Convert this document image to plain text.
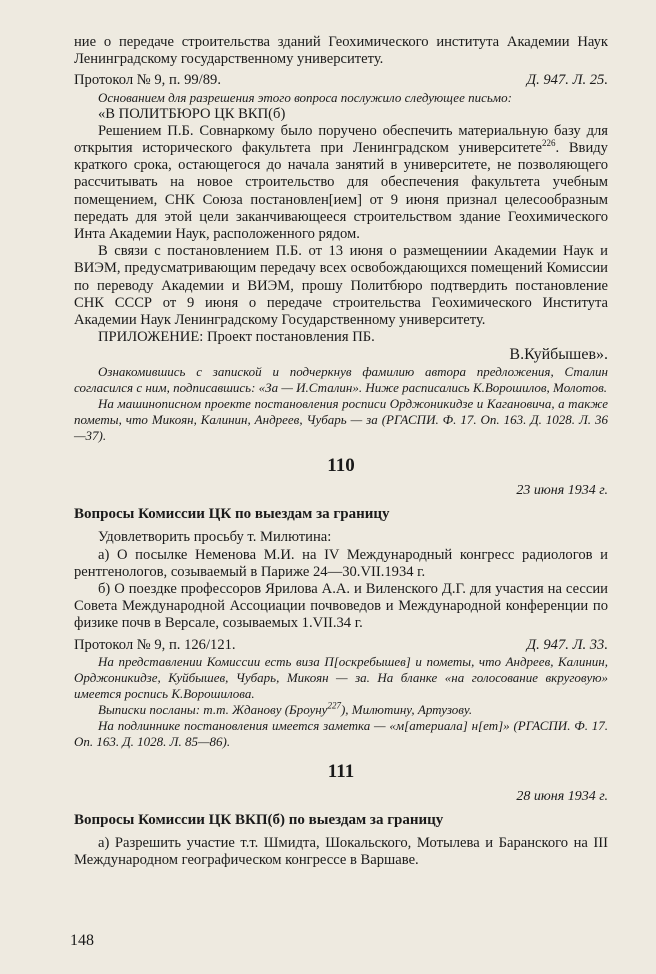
ние о передаче строительства зданий Геохимического института Академии Наук Ленинградскому государственному университету.

Протокол № 9, п. 99/89.	Д. 947. Л. 25.

Основанием для разрешения этого вопроса послужило следующее письмо:

«В ПОЛИТБЮРО ЦК ВКП(б)

Решением П.Б. Совнаркому было поручено обеспечить материальную базу для открытия исторического факультета при Ленинградском университете$^{226}$. Ввиду краткого срока, остающегося до начала занятий в университете, не позволяющего рассчитывать на новое строительство для обеспечения факультета учебным помещением, СНК Союза постановлен[ием] от 9 июня признал целесообразным передать для этой цели заканчивающееся строительством здание Геохимического Инта Академии Наук, расположенного рядом.

В связи с постановлением П.Б. от 13 июня о размещениии Академии Наук и ВИЭМ, предусматривающим передачу всех освобождающихся помещений Комиссии по переводу Академии и ВИЭМ, прошу Политбюро подтвердить постановление СНК СССР от 9 июня о передаче строительства Геохимического Института Академии Наук Ленинградскому Государственному университету.

ПРИЛОЖЕНИЕ: Проект постановления ПБ.

В.Куйбышев».

Ознакомившись с запиской и подчеркнув фамилию автора предложения, Сталин согласился с ним, подписавшись: «За — И.Сталин». Ниже расписались К.Ворошилов, Молотов.

На машинописном проекте постановления росписи Орджоникидзе и Кагановича, а также пометы, что Микоян, Калинин, Андреев, Чубарь — за (РГАСПИ. Ф. 17. Оп. 163. Д. 1028. Л. 36—37).

110
23 июня 1934 г.
Вопросы Комиссии ЦК по выездам за границу

Удовлетворить просьбу т. Милютина:

а) О посылке Неменова М.И. на IV Международный конгресс радиологов и рентгенологов, созываемый в Париже 24—30.VII.1934 г.

б) О поездке профессоров Ярилова А.А. и Виленского Д.Г. для участия на сессии Совета Международной Ассоциации почвоведов и Международной конференции по физике почв в Версале, созываемых 1.VII.34 г.

Протокол № 9, п. 126/121.	Д. 947. Л. 33.

На представлении Комиссии есть виза П[оскребышев] и пометы, что Андреев, Калинин, Орджоникидзе, Куйбышев, Чубарь, Микоян — за. На бланке «на голосование вкруговую» имеется роспись К.Ворошилова.

Выписки посланы: т.т. Жданову (Броуну$^{227}$), Милютину, Артузову.

На подлиннике постановления имеется заметка — «м[атериала] н[ет]» (РГАСПИ. Ф. 17. Оп. 163. Д. 1028. Л. 85—86).

111
28 июня 1934 г.
Вопросы Комиссии ЦК ВКП(б) по выездам за границу

а) Разрешить участие т.т. Шмидта, Шокальского, Мотылева и Баранского на III Международном географическом конгрессе в Варшаве.

148
